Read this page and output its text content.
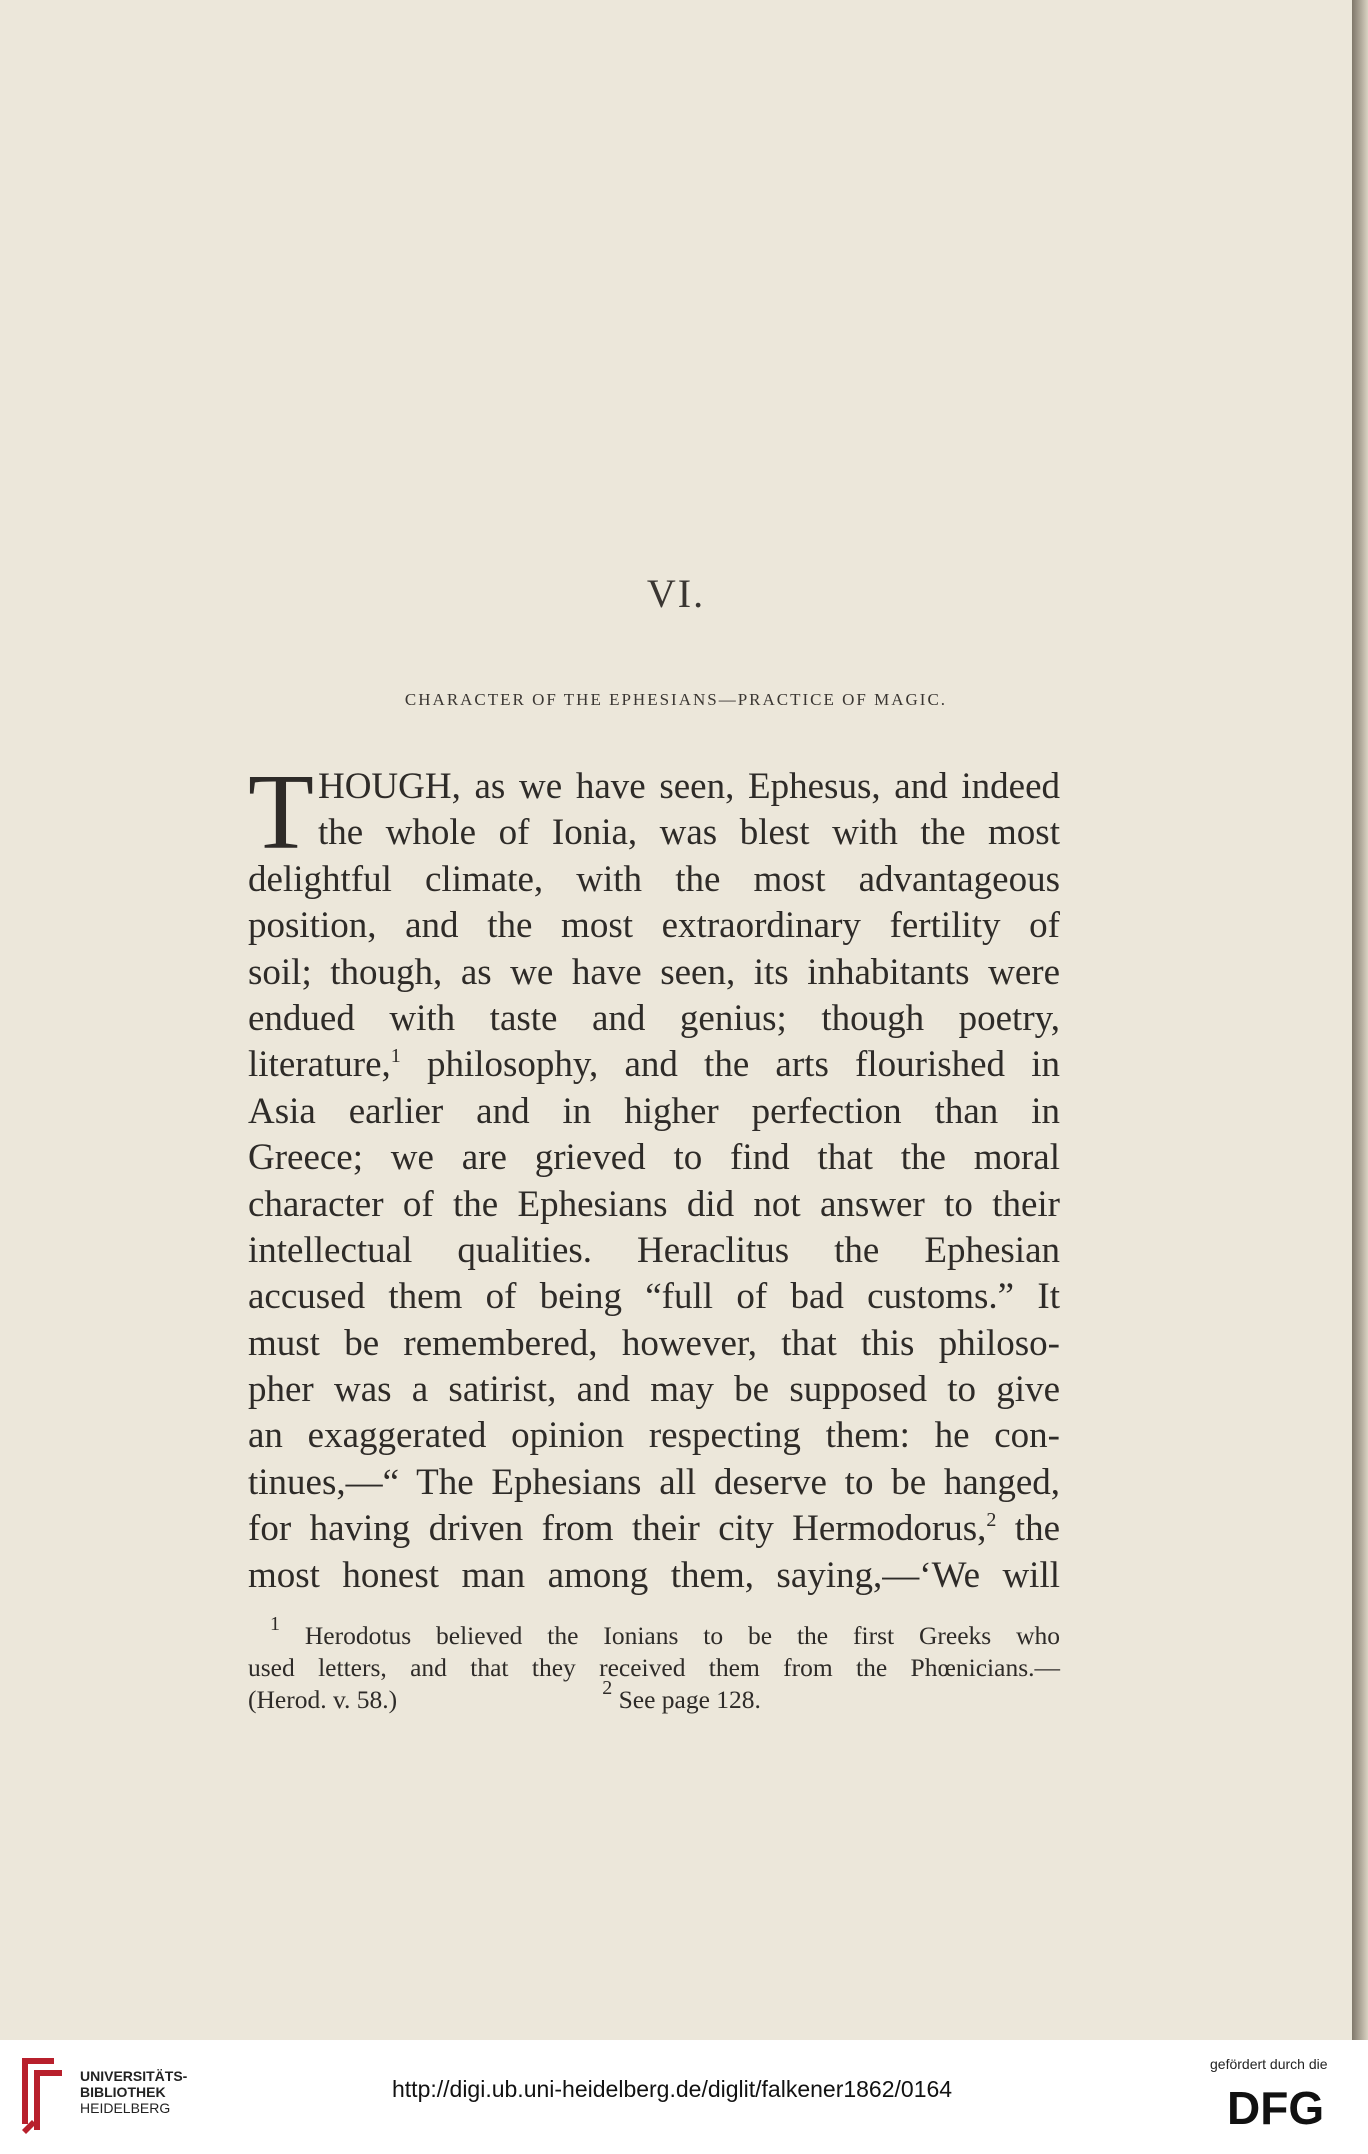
VI.
CHARACTER OF THE EPHESIANS—PRACTICE OF MAGIC.
T HOUGH, as we have seen, Ephesus, and indeed
the whole of Ionia, was blest with the most
delightful climate, with the most advantageous
position, and the most extraordinary fertility of
soil; though, as we have seen, its inhabitants were
endued with taste and genius; though poetry,
literature,$^1$ philosophy, and the arts flourished in
Asia earlier and in higher perfection than in
Greece; we are grieved to find that the moral
character of the Ephesians did not answer to their
intellectual qualities. Heraclitus the Ephesian
accused them of being “full of bad customs.” It
must be remembered, however, that this philoso-
pher was a satirist, and may be supposed to give
an exaggerated opinion respecting them: he con-
tinues,—“ The Ephesians all deserve to be hanged,
for having driven from their city Hermodorus,$^2$ the
most honest man among them, saying,—‘We will
$^1$ Herodotus believed the Ionians to be the first Greeks who
used letters, and that they received them from the Phœnicians.—
(Herod. v. 58.)	$^2$ See page 128.
UNIVERSITÄTS-
BIBLIOTHEK
HEIDELBERG
http://digi.ub.uni-heidelberg.de/diglit/falkener1862/0164
gefördert durch die
DFG
